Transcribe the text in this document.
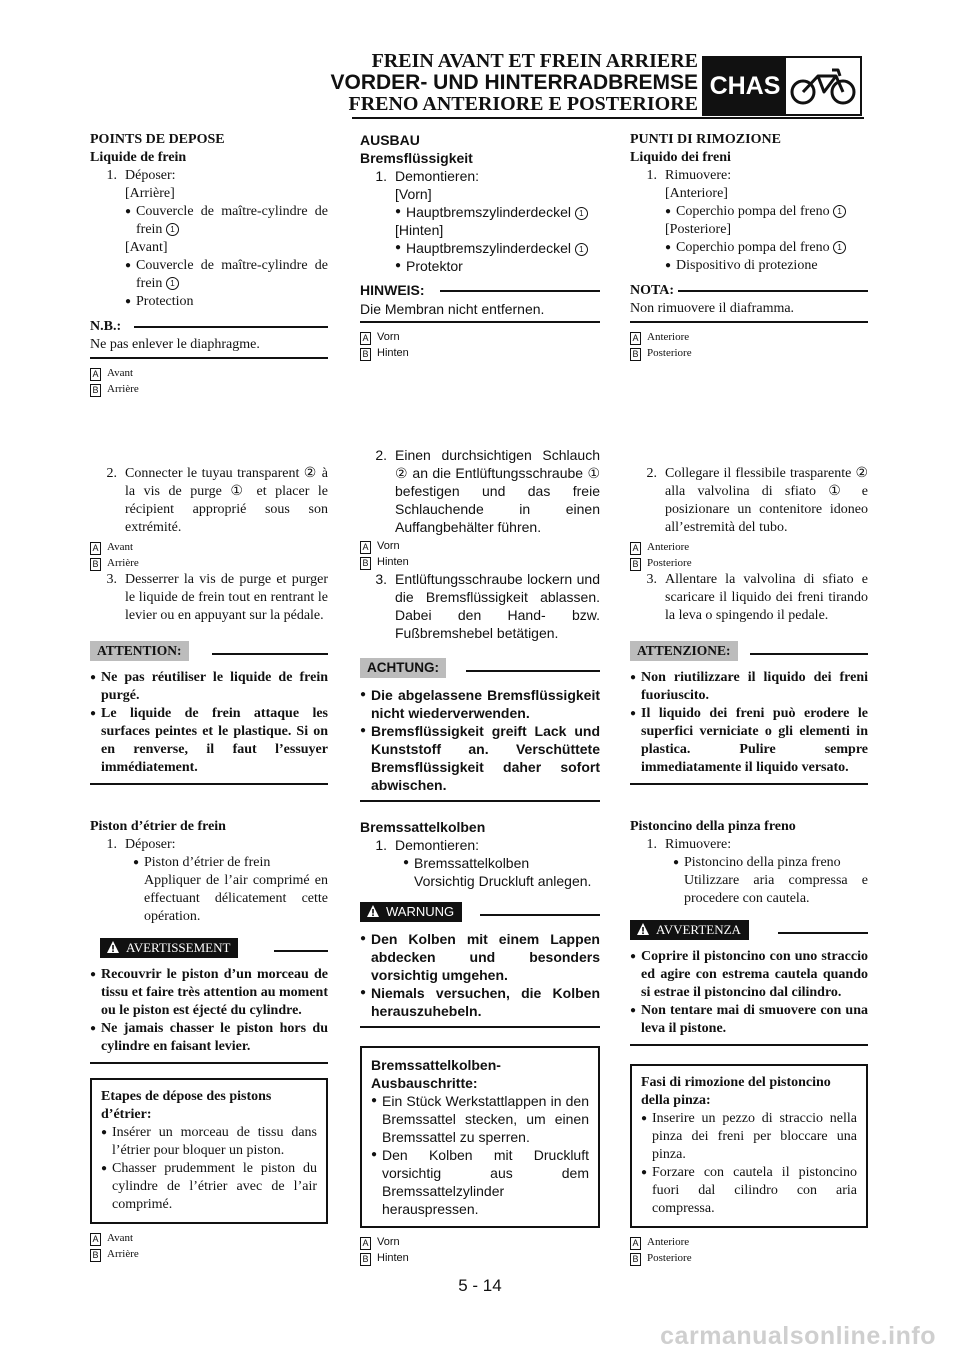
FREIN AVANT ET FREIN ARRIERE
VORDER- UND HINTERRADBREMSE
FRENO ANTERIORE E POSTERIORE
CHAS

POINTS DE DEPOSE

Liquide de frein

1. Déposer:

[Arrière]

● Couvercle de maître-cylindre de frein 1

[Avant]

● Couvercle de maître-cylindre de frein 1
● Protection
N.B.:

Ne pas enlever le diaphragme.

A Avant
B Arrière
2. Connecter le tuyau transparent ② à la vis de purge ① et placer le récipient approprié sous son extrémité.
A Avant
B Arrière
3. Desserrer la vis de purge et purger le liquide de frein tout en rentrant le levier ou en appuyant sur la pédale.
ATTENTION:
● Ne pas réutiliser le liquide de frein purgé.
● Le liquide de frein attaque les surfaces peintes et le plastique. Si on en renverse, il faut l’essuyer immédiatement.

Piston d’étrier de frein

1. Déposer:
● Piston d’étrier de frein

Appliquer de l’air comprimé en effectuant délicatement cette opération.

AVERTISSEMENT
● Recouvrir le piston d’un morceau de tissu et faire très attention au moment ou le piston est éjecté du cylindre.
● Ne jamais chasser le piston hors du cylindre en faisant levier.

Etapes de dépose des pistons d’étrier:

● Insérer un morceau de tissu dans l’étrier pour bloquer un piston.
● Chasser prudemment le piston du cylindre de l’étrier avec de l’air comprimé.
A Avant
B Arrière

AUSBAU

Bremsflüssigkeit

1. Demontieren:

[Vorn]

● Hauptbremszylinderdeckel 1

[Hinten]

● Hauptbremszylinderdeckel 1
● Protektor
HINWEIS:

Die Membran nicht entfernen.

A Vorn
B Hinten
2. Einen durchsichtigen Schlauch ② an die Entlüftungsschraube ① befestigen und das freie Schlauchende in einen Auffangbehälter führen.
A Vorn
B Hinten
3. Entlüftungsschraube lockern und die Bremsflüssigkeit ablassen. Dabei den Hand- bzw. Fußbremshebel betätigen.
ACHTUNG:
● Die abgelassene Bremsflüssigkeit nicht wiederverwenden.
● Bremsflüssigkeit greift Lack und Kunststoff an. Verschüttete Bremsflüssigkeit daher sofort abwischen.

Bremssattelkolben

1. Demontieren:
● Bremssattelkolben

Vorsichtig Druckluft anlegen.

WARNUNG
● Den Kolben mit einem Lappen abdecken und besonders vorsichtig umgehen.
● Niemals versuchen, die Kolben herauszuhebeln.

Bremssattelkolben-Ausbauschritte:

● Ein Stück Werkstattlappen in den Bremssattel stecken, um einen Bremssattel zu sperren.
● Den Kolben mit Druckluft vorsichtig aus dem Bremssattelzylinder herauspressen.
A Vorn
B Hinten

PUNTI DI RIMOZIONE

Liquido dei freni

1. Rimuovere:

[Anteriore]

● Coperchio pompa del freno 1

[Posteriore]

● Coperchio pompa del freno 1
● Dispositivo di protezione
NOTA:

Non rimuovere il diaframma.

A Anteriore
B Posteriore
2. Collegare il flessibile trasparente ② alla valvolina di sfiato ① e posizionare un contenitore idoneo all’estremità del tubo.
A Anteriore
B Posteriore
3. Allentare la valvolina di sfiato e scaricare il liquido dei freni tirando la leva o spingendo il pedale.
ATTENZIONE:
● Non riutilizzare il liquido dei freni fuoriuscito.
● Il liquido dei freni può erodere le superfici verniciate o gli elementi in plastica. Pulire sempre immediatamente il liquido versato.

Pistoncino della pinza freno

1. Rimuovere:
● Pistoncino della pinza freno

Utilizzare aria compressa e procedere con cautela.

AVVERTENZA
● Coprire il pistoncino con uno straccio ed agire con estrema cautela quando si estrae il pistoncino dal cilindro.
● Non tentare mai di smuovere con una leva il pistone.

Fasi di rimozione del pistoncino della pinza:

● Inserire un pezzo di straccio nella pinza dei freni per bloccare una pinza.
● Forzare con cautela il pistoncino fuori dal cilindro con aria compressa.
A Anteriore
B Posteriore
5 - 14
carmanualsonline.info
